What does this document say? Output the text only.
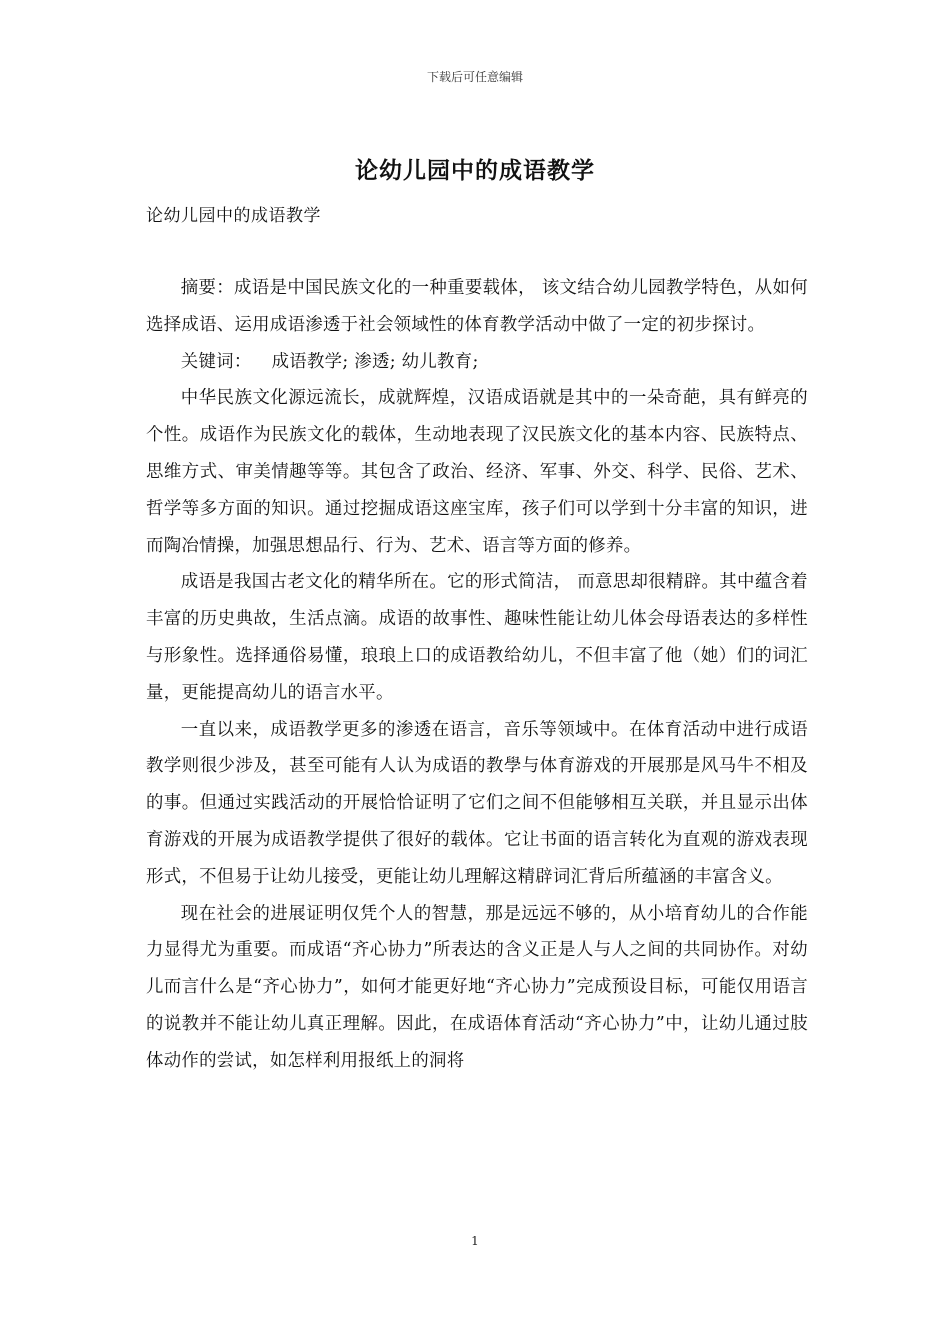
下载后可任意编辑
论幼儿园中的成语教学
论幼儿园中的成语教学

摘要：成语是中国民族文化的一种重要载体， 该文结合幼儿园教学特色，从如何选择成语、运用成语渗透于社会领域性的体育教学活动中做了一定的初步探讨。

关键词： 成语教学; 渗透; 幼儿教育;

中华民族文化源远流长，成就辉煌，汉语成语就是其中的一朵奇葩，具有鲜亮的个性。成语作为民族文化的载体，生动地表现了汉民族文化的基本内容、民族特点、思维方式、审美情趣等等。其包含了政治、经济、军事、外交、科学、民俗、艺术、哲学等多方面的知识。通过挖掘成语这座宝库，孩子们可以学到十分丰富的知识，进而陶冶情操，加强思想品行、行为、艺术、语言等方面的修养。

成语是我国古老文化的精华所在。它的形式简洁， 而意思却很精辟。其中蕴含着丰富的历史典故，生活点滴。成语的故事性、趣味性能让幼儿体会母语表达的多样性与形象性。选择通俗易懂，琅琅上口的成语教给幼儿，不但丰富了他（她）们的词汇量，更能提高幼儿的语言水平。

一直以来，成语教学更多的渗透在语言，音乐等领域中。在体育活动中进行成语教学则很少涉及，甚至可能有人认为成语的教學与体育游戏的开展那是风马牛不相及的事。但通过实践活动的开展恰恰证明了它们之间不但能够相互关联，并且显示出体育游戏的开展为成语教学提供了很好的载体。它让书面的语言转化为直观的游戏表现形式，不但易于让幼儿接受，更能让幼儿理解这精辟词汇背后所蕴涵的丰富含义。

现在社会的进展证明仅凭个人的智慧，那是远远不够的，从小培育幼儿的合作能力显得尤为重要。而成语“齐心协力”所表达的含义正是人与人之间的共同协作。对幼儿而言什么是“齐心协力”，如何才能更好地“齐心协力”完成预设目标，可能仅用语言的说教并不能让幼儿真正理解。因此，在成语体育活动“齐心协力”中，让幼儿通过肢体动作的尝试，如怎样利用报纸上的洞将

1
